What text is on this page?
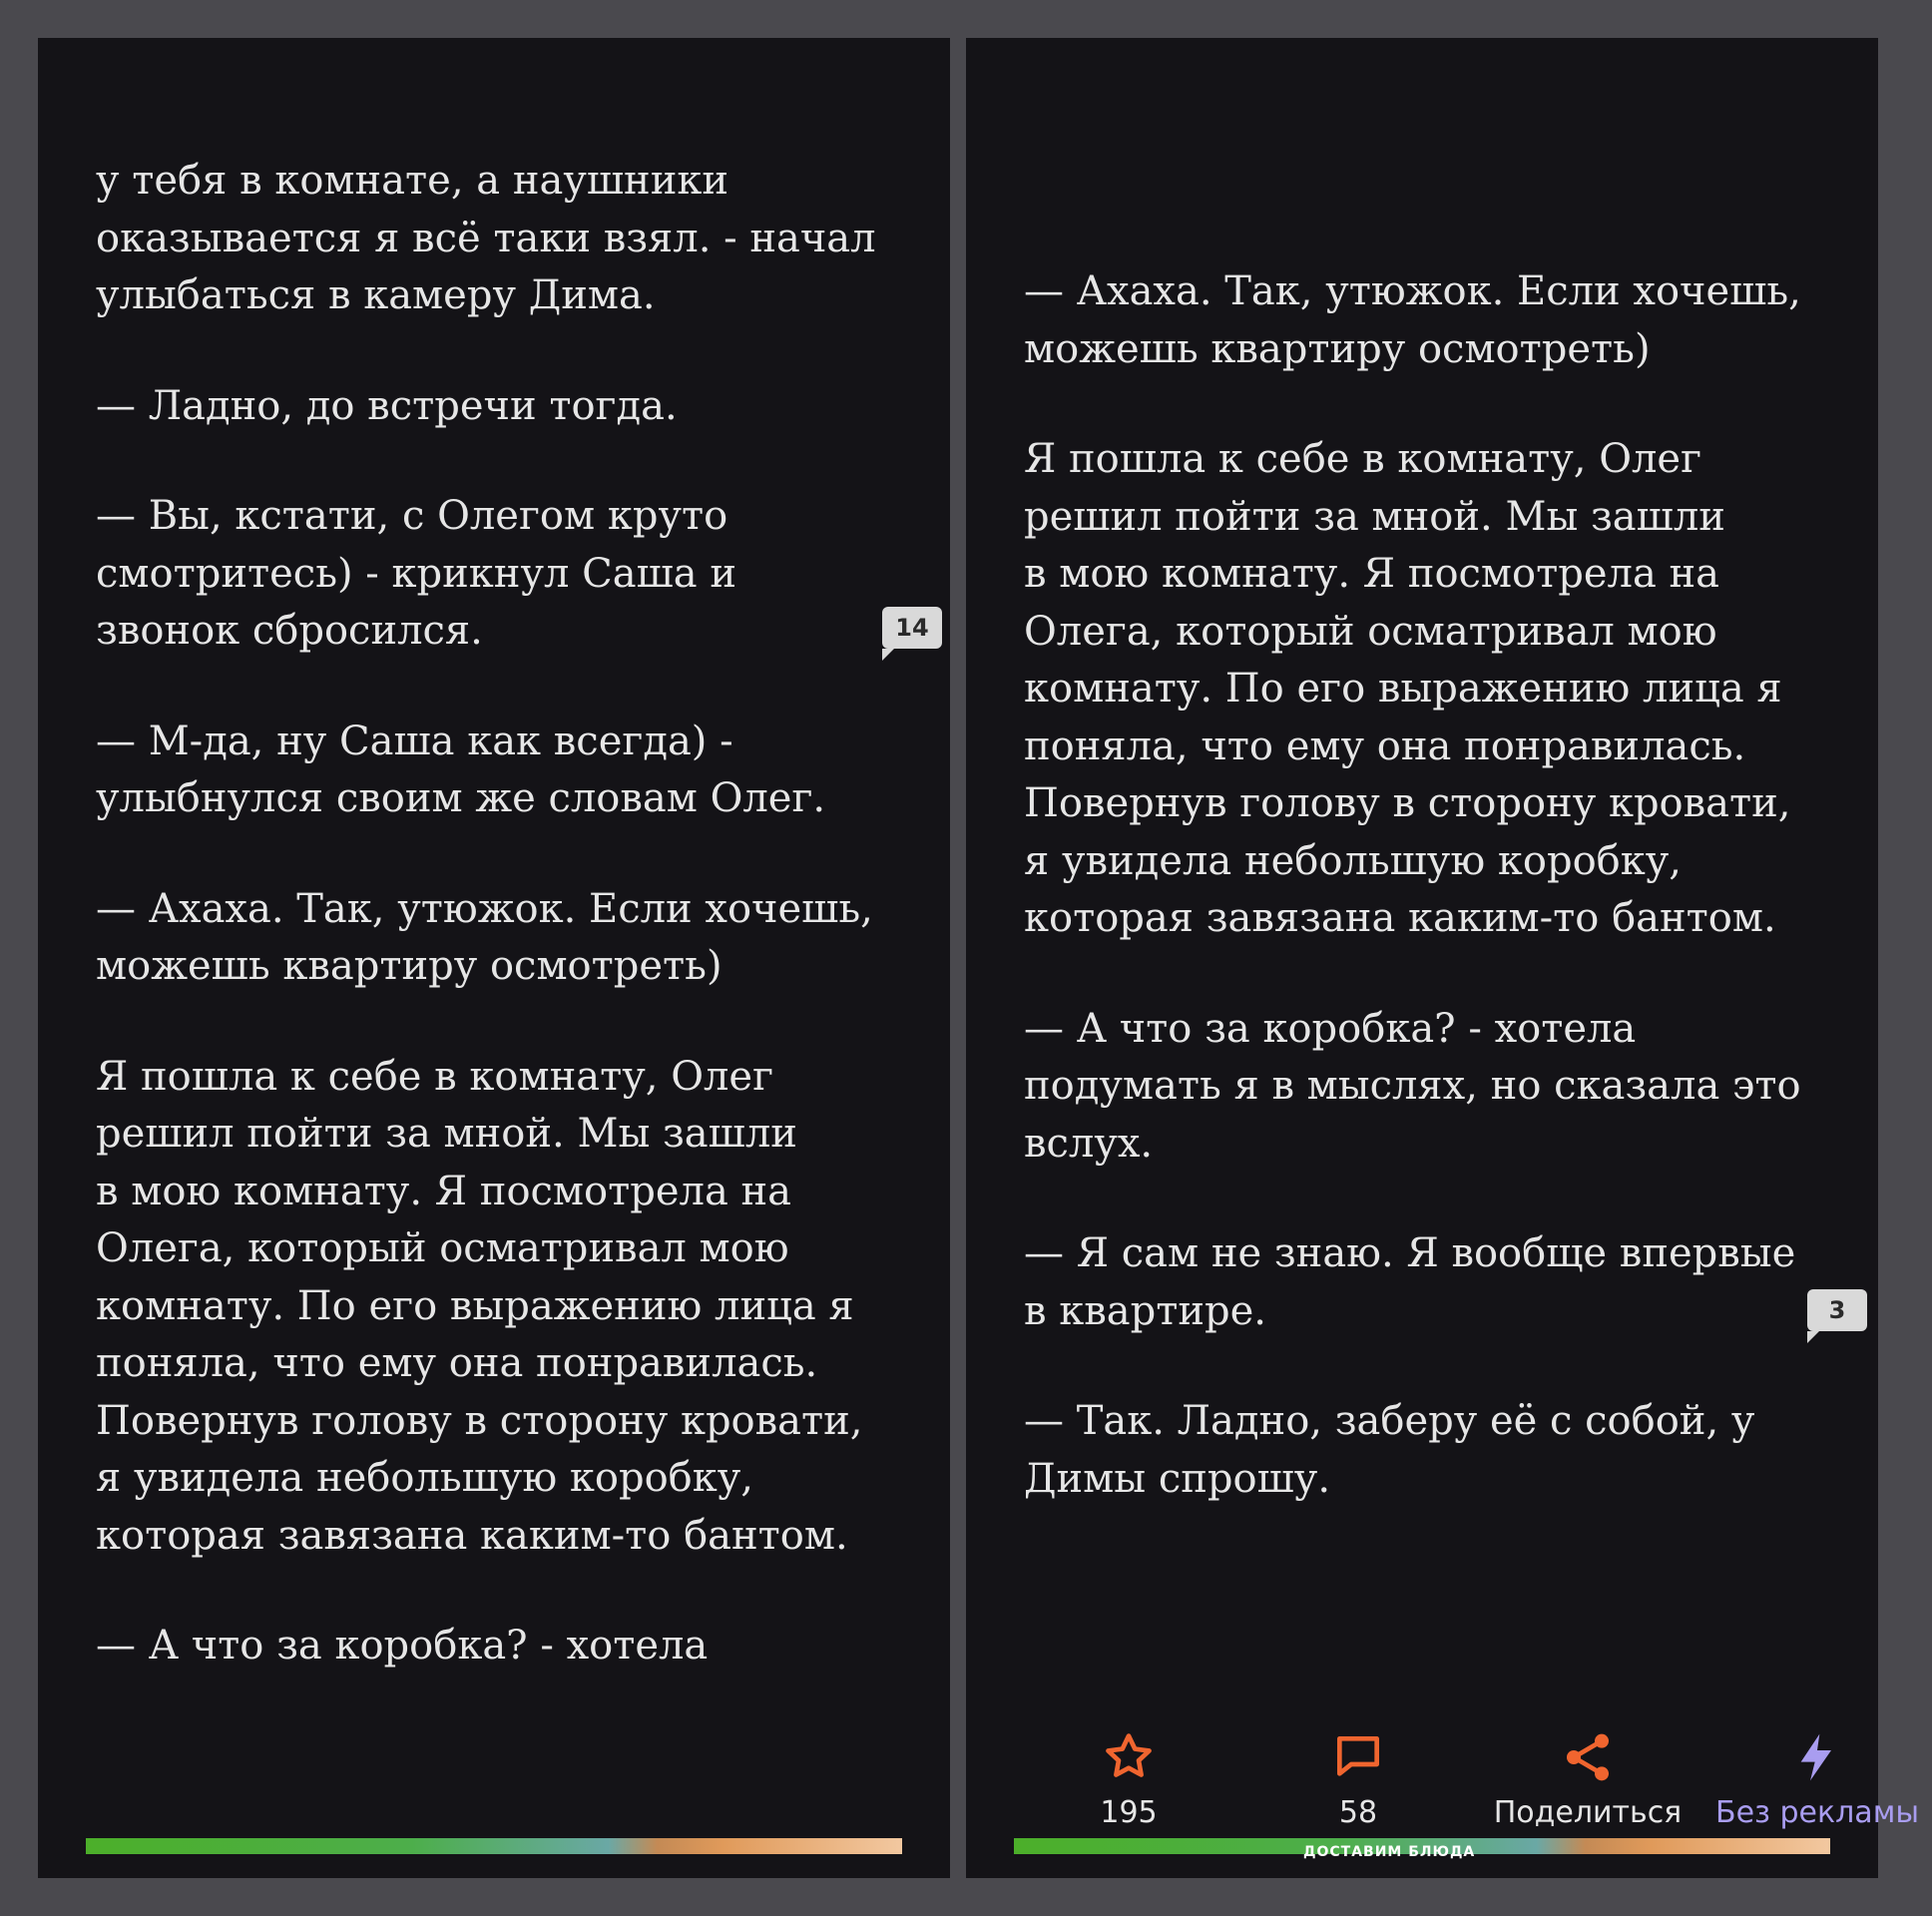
у тебя в комнате, а наушники
оказывается я всё таки взял. - начал
улыбаться в камеру Дима.

— Ладно, до встречи тогда.

— Вы, кстати, с Олегом круто
смотритесь) - крикнул Саша и
звонок сбросился.

— М-да, ну Саша как всегда) -
улыбнулся своим же словам Олег.

— Ахаха. Так, утюжок. Если хочешь,
можешь квартиру осмотреть)

Я пошла к себе в комнату, Олег
решил пойти за мной. Мы зашли
в мою комнату. Я посмотрела на
Олега, который осматривал мою
комнату. По его выражению лица я
поняла, что ему она понравилась.
Повернув голову в сторону кровати,
я увидела небольшую коробку,
которая завязана каким-то бантом.

— А что за коробка? - хотела

14

— Ахаха. Так, утюжок. Если хочешь,
можешь квартиру осмотреть)

Я пошла к себе в комнату, Олег
решил пойти за мной. Мы зашли
в мою комнату. Я посмотрела на
Олега, который осматривал мою
комнату. По его выражению лица я
поняла, что ему она понравилась.
Повернув голову в сторону кровати,
я увидела небольшую коробку,
которая завязана каким-то бантом.

— А что за коробка? - хотела
подумать я в мыслях, но сказала это
вслух.

— Я сам не знаю. Я вообще впервые
в квартире.

— Так. Ладно, заберу её с собой, у
Димы спрошу.

3
195	58	Поделиться	Без рекламы
ДОСТАВИМ БЛЮДА
